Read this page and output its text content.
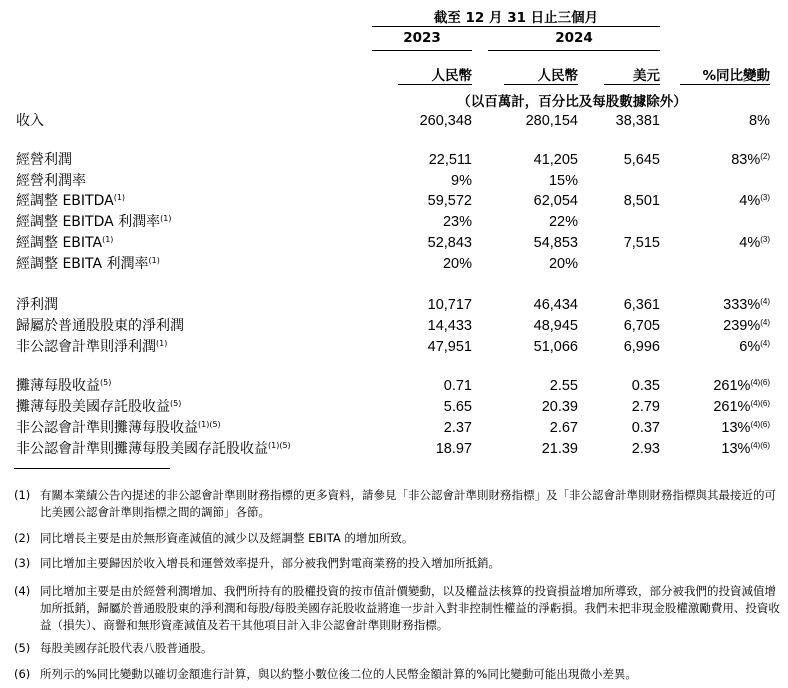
截至 12 月 31 日止三個月
2023	2024
人民幣	人民幣	美元	%同比變動
（以百萬計，百分比及每股數據除外）
收入	260,348	280,154	38,381	8%
經營利潤	22,511	41,205	5,645	83%$^{(2)}$
經營利潤率	9%	15%
經調整 EBITDA$^{(1)}$	59,572	62,054	8,501	4%$^{(3)}$
經調整 EBITDA 利潤率$^{(1)}$	23%	22%
經調整 EBITA$^{(1)}$	52,843	54,853	7,515	4%$^{(3)}$
經調整 EBITA 利潤率$^{(1)}$	20%	20%
淨利潤	10,717	46,434	6,361	333%$^{(4)}$
歸屬於普通股股東的淨利潤	14,433	48,945	6,705	239%$^{(4)}$
非公認會計準則淨利潤$^{(1)}$	47,951	51,066	6,996	6%$^{(4)}$
攤薄每股收益$^{(5)}$	0.71	2.55	0.35	261%$^{(4)(6)}$
攤薄每股美國存託股收益$^{(5)}$	5.65	20.39	2.79	261%$^{(4)(6)}$
非公認會計準則攤薄每股收益$^{(1)(5)}$	2.37	2.67	0.37	13%$^{(4)(6)}$
非公認會計準則攤薄每股美國存託股收益$^{(1)(5)}$	18.97	21.39	2.93	13%$^{(4)(6)}$
(1) 有關本業績公告內提述的非公認會計準則財務指標的更多資料，請參見「非公認會計準則財務指標」及「非公認會計準則財務指標與其最接近的可比美國公認會計準則指標之間的調節」各節。
(2) 同比增長主要是由於無形資產減值的減少以及經調整 EBITA 的增加所致。
(3) 同比增加主要歸因於收入增長和運營效率提升，部分被我們對電商業務的投入增加所抵銷。
(4) 同比增加主要是由於經營利潤增加、我們所持有的股權投資的按市值計價變動，以及權益法核算的投資損益增加所導致，部分被我們的投資減值增加所抵銷，歸屬於普通股股東的淨利潤和每股/每股美國存託股收益將進一步計入對非控制性權益的淨虧損。我們未把非現金股權激勵費用、投資收益（損失）、商譽和無形資產減值及若干其他項目計入非公認會計準則財務指標。
(5) 每股美國存託股代表八股普通股。
(6) 所列示的%同比變動以確切金額進行計算，與以約整小數位後二位的人民幣金額計算的%同比變動可能出現微小差異。
